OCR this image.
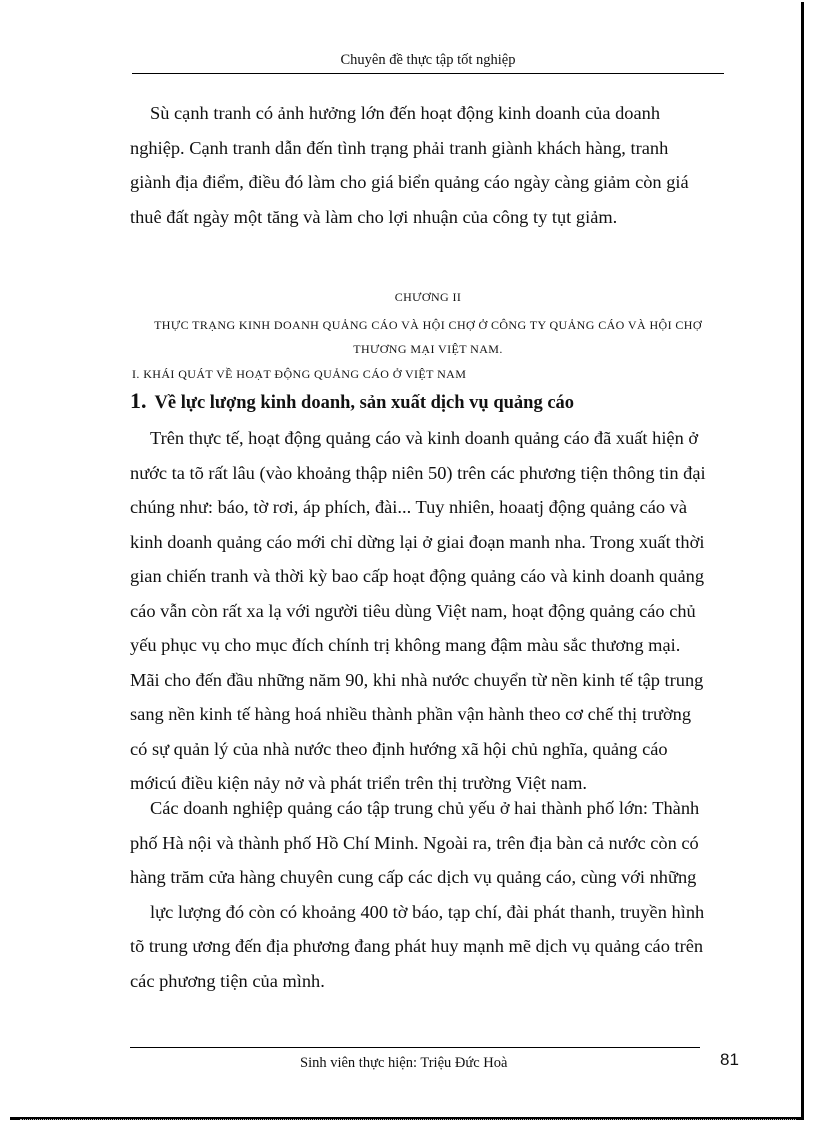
Chuyên đề thực tập tốt nghiệp
Sù cạnh tranh có ảnh hưởng lớn đến hoạt động kinh doanh của doanh
nghiệp. Cạnh tranh dẫn đến tình trạng phải tranh giành khách hàng, tranh
giành địa điểm, điều đó làm cho giá biển quảng cáo ngày càng giảm còn giá
thuê đất ngày một tăng và làm cho lợi nhuận của công ty tụt giảm.
CHƯƠNG II
THỰC TRẠNG KINH DOANH QUẢNG CÁO VÀ HỘI CHỢ Ở CÔNG TY QUẢNG CÁO VÀ HỘI CHỢ
THƯƠNG MẠI VIỆT NAM.
I. KHÁI QUÁT VỀ HOẠT ĐỘNG QUẢNG CÁO Ở VIỆT NAM
1. Về lực lượng kinh doanh, sản xuất dịch vụ quảng cáo
Trên thực tế, hoạt động quảng cáo và kinh doanh quảng cáo đã xuất hiện ở
nước ta tõ rất lâu (vào khoảng thập niên 50) trên các phương tiện thông tin đại
chúng như: báo, tờ rơi, áp phích, đài... Tuy nhiên, hoaatj động quảng cáo và
kinh doanh quảng cáo mới chỉ dừng lại ở giai đoạn manh nha. Trong xuất thời
gian chiến tranh và thời kỳ bao cấp hoạt động quảng cáo và kinh doanh quảng
cáo vẫn còn rất xa lạ với người tiêu dùng Việt nam, hoạt động quảng cáo chủ
yếu phục vụ cho mục đích chính trị không mang đậm màu sắc thương mại.
Mãi cho đến đầu những năm 90, khi nhà nước chuyển từ nền kinh tế tập trung
sang nền kinh tế hàng hoá nhiều thành phần vận hành theo cơ chế thị trường
có sự quản lý của nhà nước theo định hướng xã hội chủ nghĩa, quảng cáo
mớicú điều kiện nảy nở và phát triển trên thị trường Việt nam.
Các doanh nghiệp quảng cáo tập trung chủ yếu ở hai thành phố lớn: Thành
phố Hà nội và thành phố Hồ Chí Minh. Ngoài ra, trên địa bàn cả nước còn có
hàng trăm cửa hàng chuyên cung cấp các dịch vụ quảng cáo, cùng với những
lực lượng đó còn có khoảng 400 tờ báo, tạp chí, đài phát thanh, truyền hình
tõ trung ương đến địa phương đang phát huy mạnh mẽ dịch vụ quảng cáo trên
các phương tiện của mình.
Sinh viên thực hiện: Triệu Đức Hoà	81
